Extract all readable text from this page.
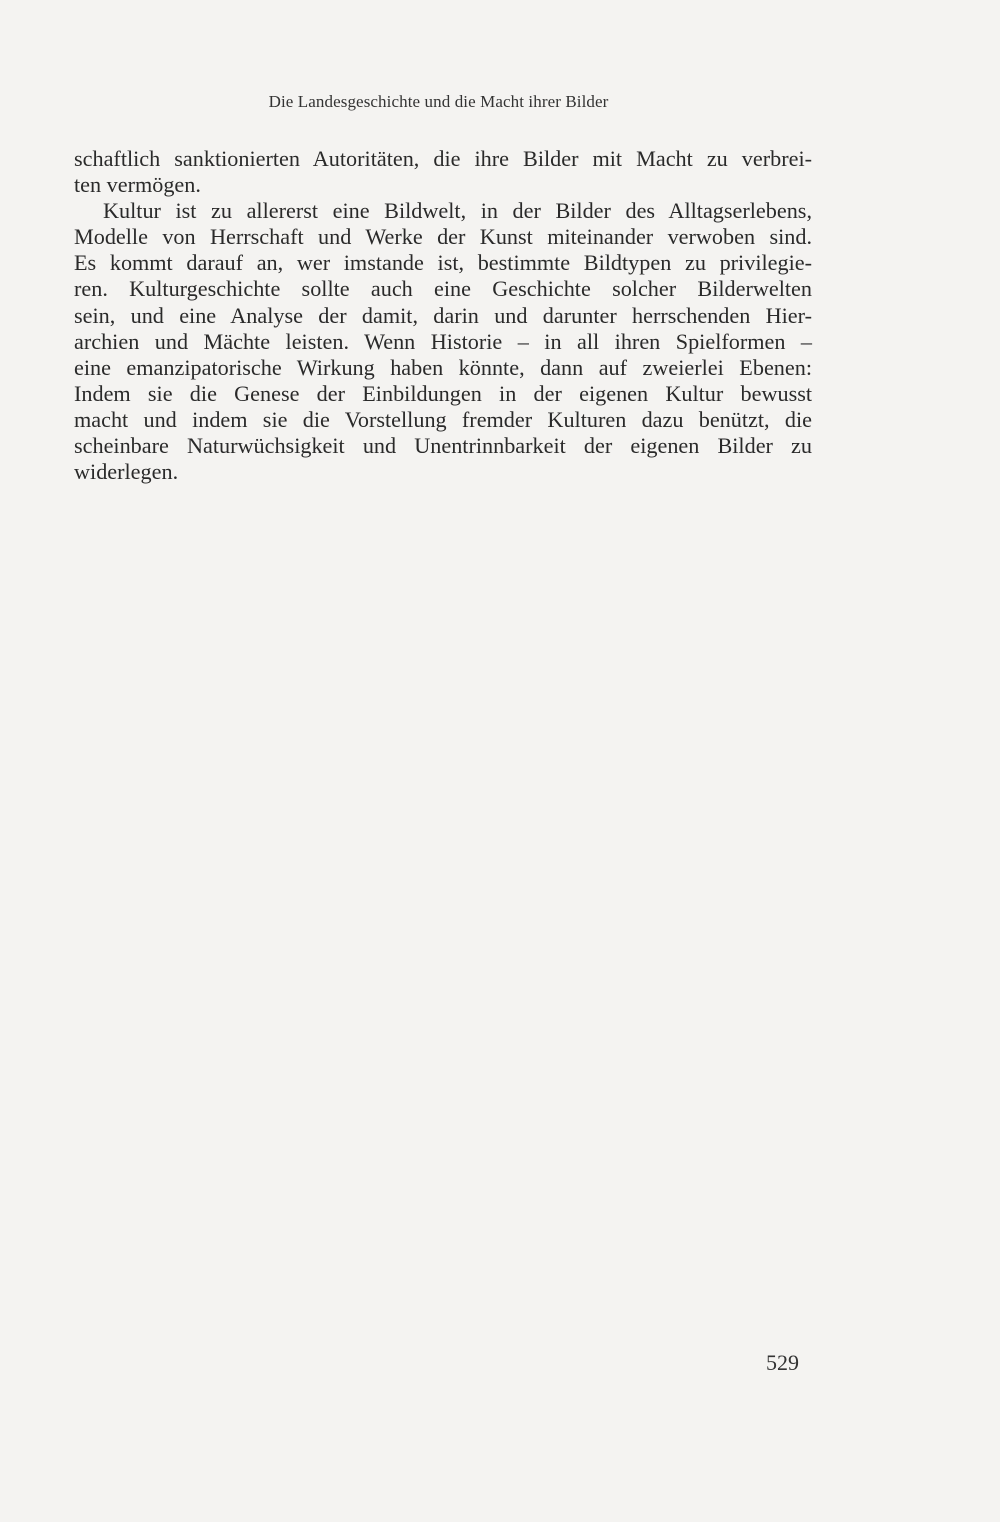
Die Landesgeschichte und die Macht ihrer Bilder
schaftlich sanktionierten Autoritäten, die ihre Bilder mit Macht zu verbrei-
ten vermögen.
Kultur ist zu allererst eine Bildwelt, in der Bilder des Alltagserlebens,
Modelle von Herrschaft und Werke der Kunst miteinander verwoben sind.
Es kommt darauf an, wer imstande ist, bestimmte Bildtypen zu privilegie-
ren. Kulturgeschichte sollte auch eine Geschichte solcher Bilderwelten
sein, und eine Analyse der damit, darin und darunter herrschenden Hier-
archien und Mächte leisten. Wenn Historie – in all ihren Spielformen –
eine emanzipatorische Wirkung haben könnte, dann auf zweierlei Ebenen:
Indem sie die Genese der Einbildungen in der eigenen Kultur bewusst
macht und indem sie die Vorstellung fremder Kulturen dazu benützt, die
scheinbare Naturwüchsigkeit und Unentrinnbarkeit der eigenen Bilder zu
widerlegen.
529
